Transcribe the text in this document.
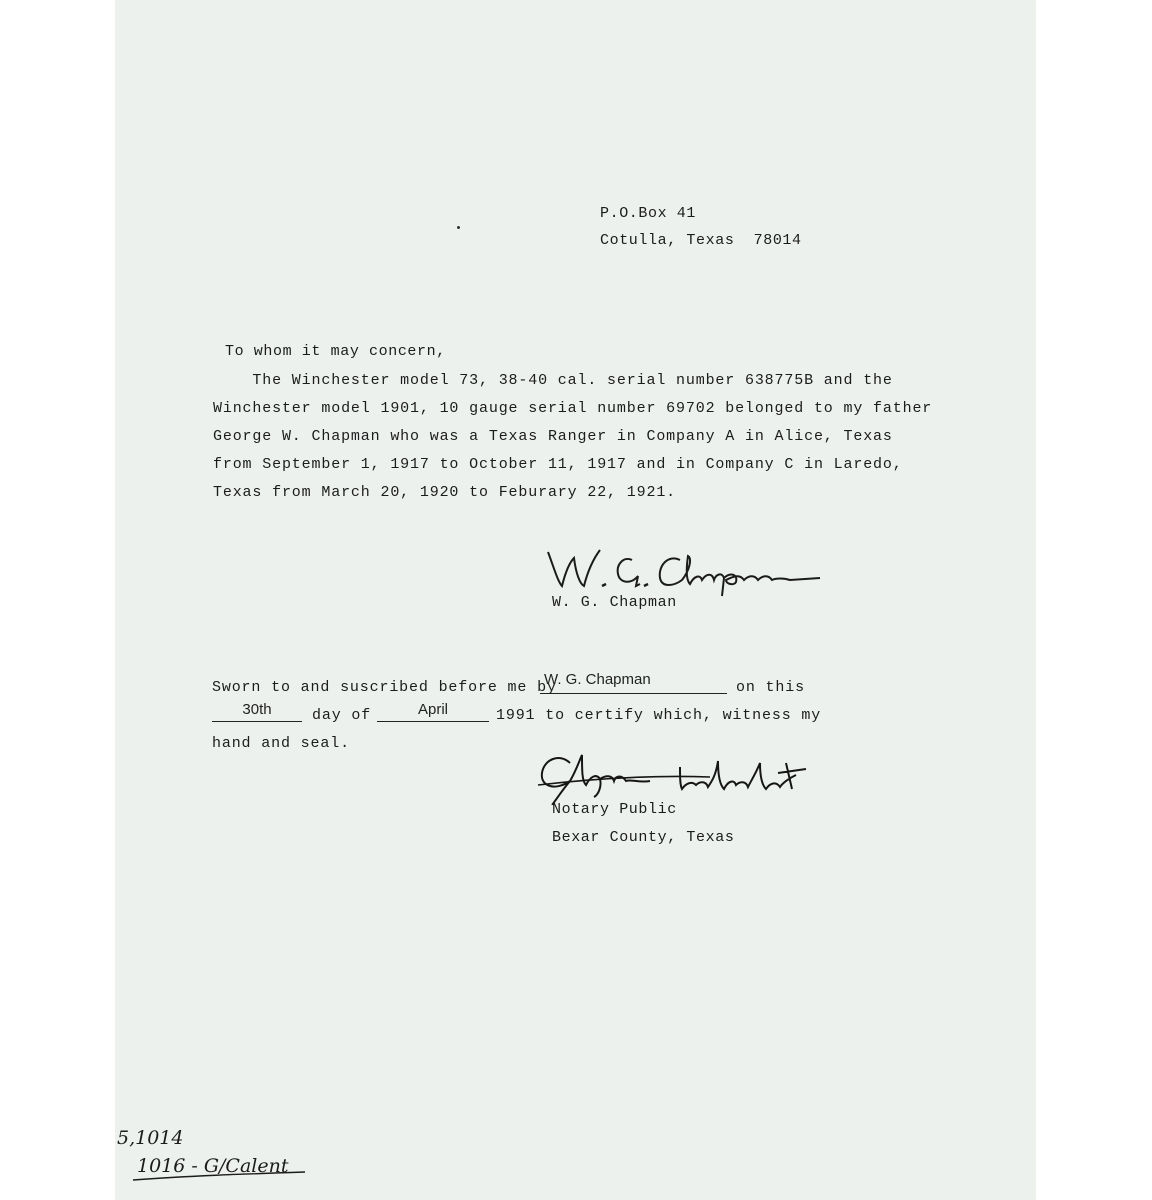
P.O.Box 41
Cotulla, Texas  78014
To whom it may concern,
The Winchester model 73, 38-40 cal. serial number 638775B and the
Winchester model 1901, 10 gauge serial number 69702 belonged to my father
George W. Chapman who was a Texas Ranger in Company A in Alice, Texas
from September 1, 1917 to October 11, 1917 and in Company C in Laredo,
Texas from March 20, 1920 to Feburary 22, 1921.
W. G. Chapman
Sworn to and suscribed before me by
W. G. Chapman	on this
30th	day of	April	1991 to certify which, witness my
hand and seal.
Notary Public
Bexar County, Texas
5,1014
1016 - G/Calent
